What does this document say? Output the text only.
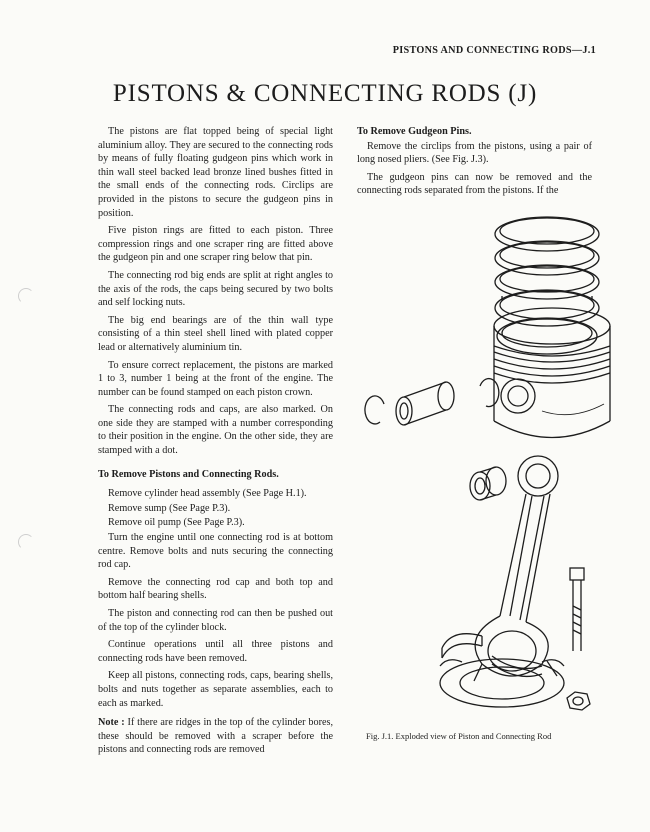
PISTONS AND CONNECTING RODS—J.1
PISTONS & CONNECTING RODS (J)

The pistons are flat topped being of special light aluminium alloy. They are secured to the connecting rods by means of fully floating gudgeon pins which work in thin wall steel backed lead bronze lined bushes fitted in the small ends of the connecting rods. Circlips are provided in the pistons to secure the gudgeon pins in position.

Five piston rings are fitted to each piston. Three compression rings and one scraper ring are fitted above the gudgeon pin and one scraper ring below that pin.

The connecting rod big ends are split at right angles to the axis of the rods, the caps being secured by two bolts and self locking nuts.

The big end bearings are of the thin wall type consisting of a thin steel shell lined with plated copper lead or alternatively aluminium tin.

To ensure correct replacement, the pistons are marked 1 to 3, number 1 being at the front of the engine. The number can be found stamped on each piston crown.

The connecting rods and caps, are also marked. On one side they are stamped with a number corresponding to their position in the engine. On the other side, they are stamped with a dot.

To Remove Pistons and Connecting Rods.

Remove cylinder head assembly (See Page H.1).

Remove sump (See Page P.3).

Remove oil pump (See Page P.3).

Turn the engine until one connecting rod is at bottom centre. Remove bolts and nuts securing the connecting rod cap.

Remove the connecting rod cap and both top and bottom half bearing shells.

The piston and connecting rod can then be pushed out of the top of the cylinder block.

Continue operations until all three pistons and connecting rods have been removed.

Keep all pistons, connecting rods, caps, bearing shells, bolts and nuts together as separate assemblies, each to each as marked.

Note : If there are ridges in the top of the cylinder bores, these should be removed with a scraper before the pistons and connecting rods are removed

To Remove Gudgeon Pins.

Remove the circlips from the pistons, using a pair of long nosed pliers. (See Fig. J.3).

The gudgeon pins can now be removed and the connecting rods separated from the pistons. If the

Fig. J.1. Exploded view of Piston and Connecting Rod
